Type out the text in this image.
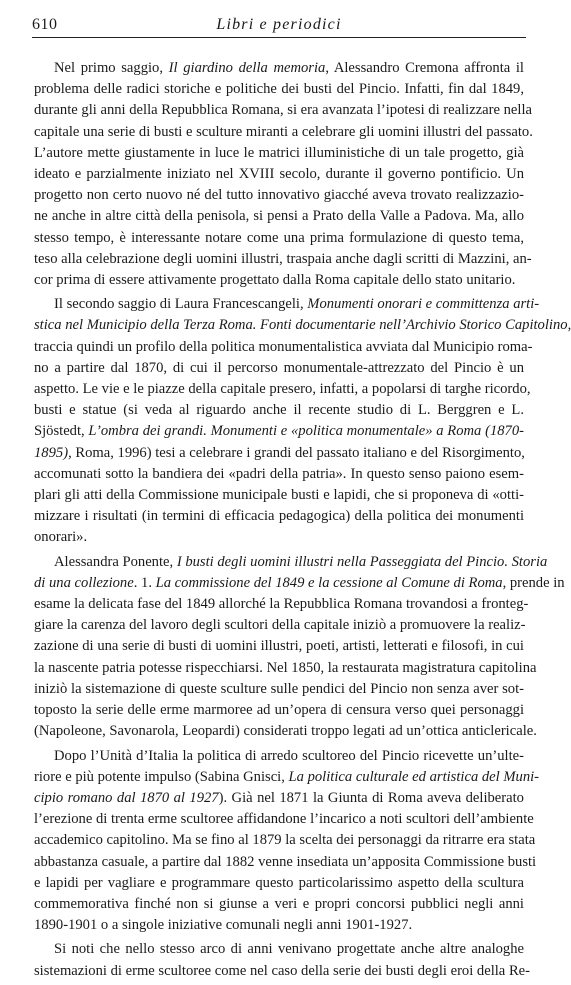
610	Libri e periodici
Nel primo saggio, Il giardino della memoria, Alessandro Cremona affronta il
problema delle radici storiche e politiche dei busti del Pincio. Infatti, fin dal 1849,
durante gli anni della Repubblica Romana, si era avanzata l’ipotesi di realizzare nella
capitale una serie di busti e sculture miranti a celebrare gli uomini illustri del passato.
L’autore mette giustamente in luce le matrici illuministiche di un tale progetto, già
ideato e parzialmente iniziato nel XVIII secolo, durante il governo pontificio. Un
progetto non certo nuovo né del tutto innovativo giacché aveva trovato realizzazio-
ne anche in altre città della penisola, si pensi a Prato della Valle a Padova. Ma, allo
stesso tempo, è interessante notare come una prima formulazione di questo tema,
teso alla celebrazione degli uomini illustri, traspaia anche dagli scritti di Mazzini, an-
cor prima di essere attivamente progettato dalla Roma capitale dello stato unitario.
Il secondo saggio di Laura Francescangeli, Monumenti onorari e committenza arti-
stica nel Municipio della Terza Roma. Fonti documentarie nell’Archivio Storico Capitolino,
traccia quindi un profilo della politica monumentalistica avviata dal Municipio roma-
no a partire dal 1870, di cui il percorso monumentale-attrezzato del Pincio è un
aspetto. Le vie e le piazze della capitale presero, infatti, a popolarsi di targhe ricordo,
busti e statue (si veda al riguardo anche il recente studio di L. Berggren e L.
Sjöstedt, L’ombra dei grandi. Monumenti e «politica monumentale» a Roma (1870-
1895), Roma, 1996) tesi a celebrare i grandi del passato italiano e del Risorgimento,
accomunati sotto la bandiera dei «padri della patria». In questo senso paiono esem-
plari gli atti della Commissione municipale busti e lapidi, che si proponeva di «otti-
mizzare i risultati (in termini di efficacia pedagogica) della politica dei monumenti
onorari».
Alessandra Ponente, I busti degli uomini illustri nella Passeggiata del Pincio. Storia
di una collezione. 1. La commissione del 1849 e la cessione al Comune di Roma, prende in
esame la delicata fase del 1849 allorché la Repubblica Romana trovandosi a fronteg-
giare la carenza del lavoro degli scultori della capitale iniziò a promuovere la realiz-
zazione di una serie di busti di uomini illustri, poeti, artisti, letterati e filosofi, in cui
la nascente patria potesse rispecchiarsi. Nel 1850, la restaurata magistratura capitolina
iniziò la sistemazione di queste sculture sulle pendici del Pincio non senza aver sot-
toposto la serie delle erme marmoree ad un’opera di censura verso quei personaggi
(Napoleone, Savonarola, Leopardi) considerati troppo legati ad un’ottica anticlericale.
Dopo l’Unità d’Italia la politica di arredo scultoreo del Pincio ricevette un’ulte-
riore e più potente impulso (Sabina Gnisci, La politica culturale ed artistica del Muni-
cipio romano dal 1870 al 1927). Già nel 1871 la Giunta di Roma aveva deliberato
l’erezione di trenta erme scultoree affidandone l’incarico a noti scultori dell’ambiente
accademico capitolino. Ma se fino al 1879 la scelta dei personaggi da ritrarre era stata
abbastanza casuale, a partire dal 1882 venne insediata un’apposita Commissione busti
e lapidi per vagliare e programmare questo particolarissimo aspetto della scultura
commemorativa finché non si giunse a veri e propri concorsi pubblici negli anni
1890-1901 o a singole iniziative comunali negli anni 1901-1927.
Si noti che nello stesso arco di anni venivano progettate anche altre analoghe
sistemazioni di erme scultoree come nel caso della serie dei busti degli eroi della Re-
